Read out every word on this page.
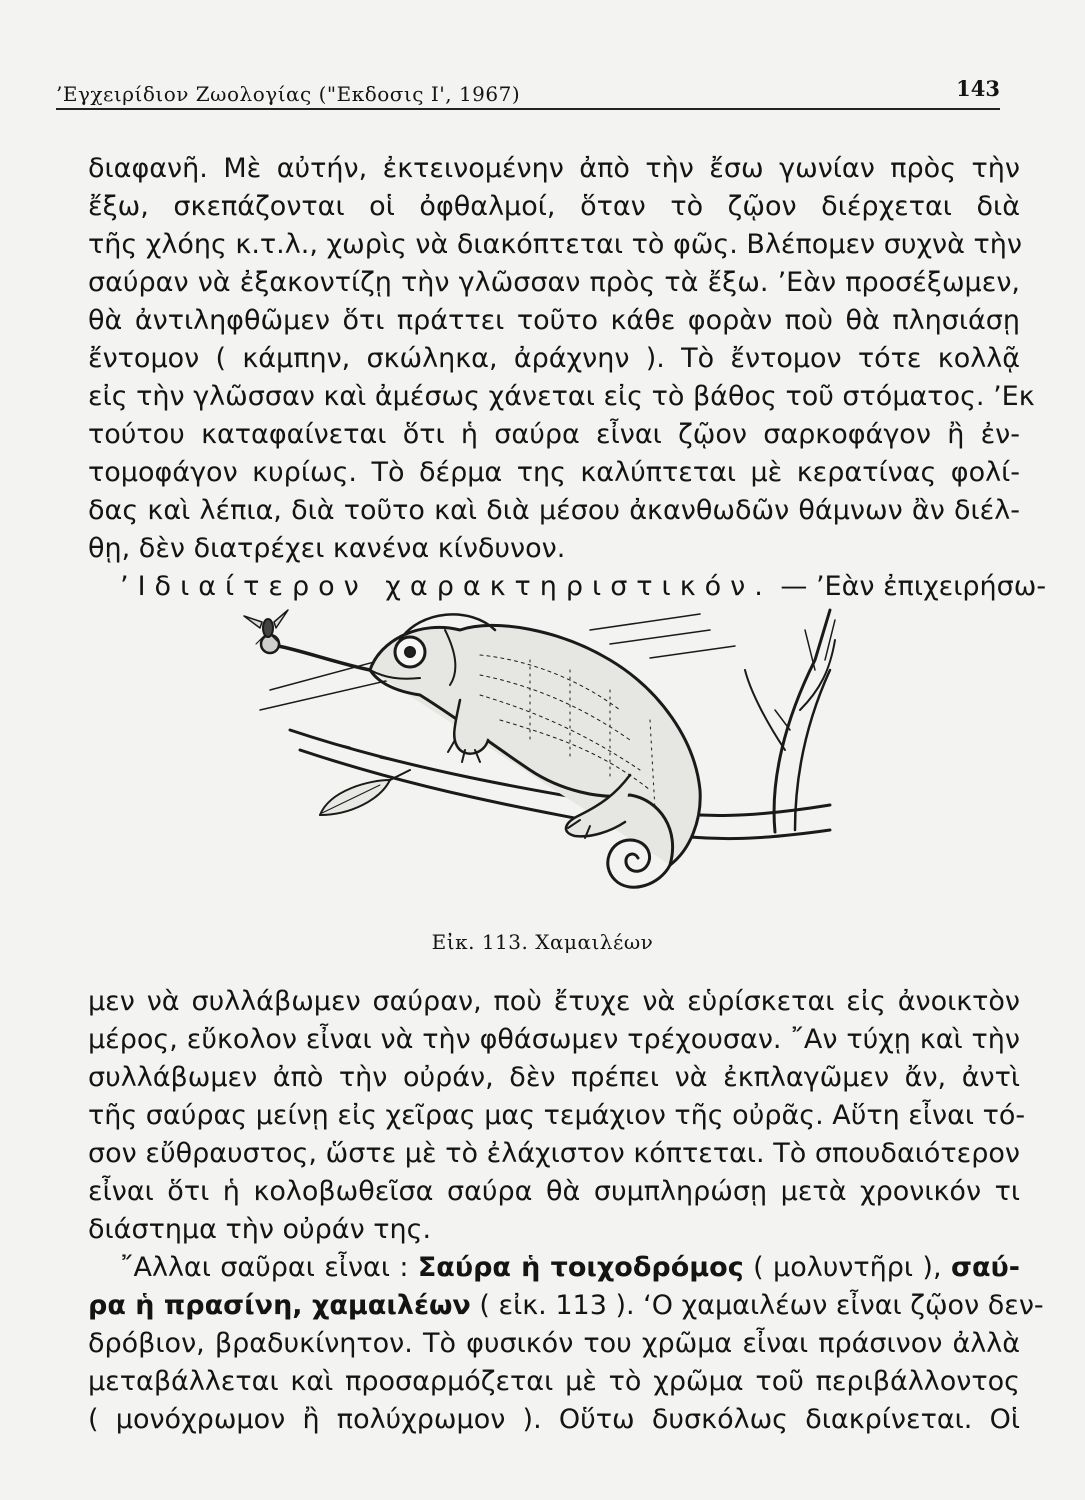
’Εγχειρίδιον Ζωολογίας ("Εκδοσις Ι', 1967)	143
διαφανῆ. Μὲ αὐτήν, ἐκτεινομένην ἀπὸ τὴν ἔσω γωνίαν πρὸς τὴν
ἔξω, σκεπάζονται οἱ ὀφθαλμοί, ὅταν τὸ ζῷον διέρχεται διὰ
τῆς χλόης κ.τ.λ., χωρὶς νὰ διακόπτεται τὸ φῶς. Βλέπομεν συχνὰ τὴν
σαύραν νὰ ἐξακοντίζῃ τὴν γλῶσσαν πρὸς τὰ ἔξω. ’Εὰν προσέξωμεν,
θὰ ἀντιληφθῶμεν ὅτι πράττει τοῦτο κάθε φορὰν ποὺ θὰ πλησιάσῃ
ἔντομον ( κάμπην, σκώληκα, ἀράχνην ). Τὸ ἔντομον τότε κολλᾷ
εἰς τὴν γλῶσσαν καὶ ἀμέσως χάνεται εἰς τὸ βάθος τοῦ στόματος. ’Εκ
τούτου καταφαίνεται ὅτι ἡ σαύρα εἶναι ζῷον σαρκοφάγον ἢ ἐν-
τομοφάγον κυρίως. Τὸ δέρμα της καλύπτεται μὲ κερατίνας φολί-
δας καὶ λέπια, διὰ τοῦτο καὶ διὰ μέσου ἀκανθωδῶν θάμνων ἂν διέλ-
θῃ, δὲν διατρέχει κανένα κίνδυνον.
’Ιδιαίτερον χαρακτηριστικόν. — ’Εὰν ἐπιχειρήσω-
Εἰκ. 113. Χαμαιλέων
μεν νὰ συλλάβωμεν σαύραν, ποὺ ἔτυχε νὰ εὑρίσκεται εἰς ἀνοικτὸν
μέρος, εὔκολον εἶναι νὰ τὴν φθάσωμεν τρέχουσαν. ῎Αν τύχῃ καὶ τὴν
συλλάβωμεν ἀπὸ τὴν οὐράν, δὲν πρέπει νὰ ἐκπλαγῶμεν ἄν, ἀντὶ
τῆς σαύρας μείνῃ εἰς χεῖρας μας τεμάχιον τῆς οὐρᾶς. Αὕτη εἶναι τό-
σον εὔθραυστος, ὥστε μὲ τὸ ἐλάχιστον κόπτεται. Τὸ σπουδαιότερον
εἶναι ὅτι ἡ κολοβωθεῖσα σαύρα θὰ συμπληρώσῃ μετὰ χρονικόν τι
διάστημα τὴν οὐράν της.
῎Αλλαι σαῦραι εἶναι : Σαύρα ἡ τοιχοδρόμος ( μολυντῆρι ), σαύ-
ρα ἡ πρασίνη, χαμαιλέων ( εἰκ. 113 ). ‘Ο χαμαιλέων εἶναι ζῷον δεν-
δρόβιον, βραδυκίνητον. Τὸ φυσικόν του χρῶμα εἶναι πράσινον ἀλλὰ
μεταβάλλεται καὶ προσαρμόζεται μὲ τὸ χρῶμα τοῦ περιβάλλοντος
( μονόχρωμον ἢ πολύχρωμον ). Οὕτω δυσκόλως διακρίνεται. Οἱ
